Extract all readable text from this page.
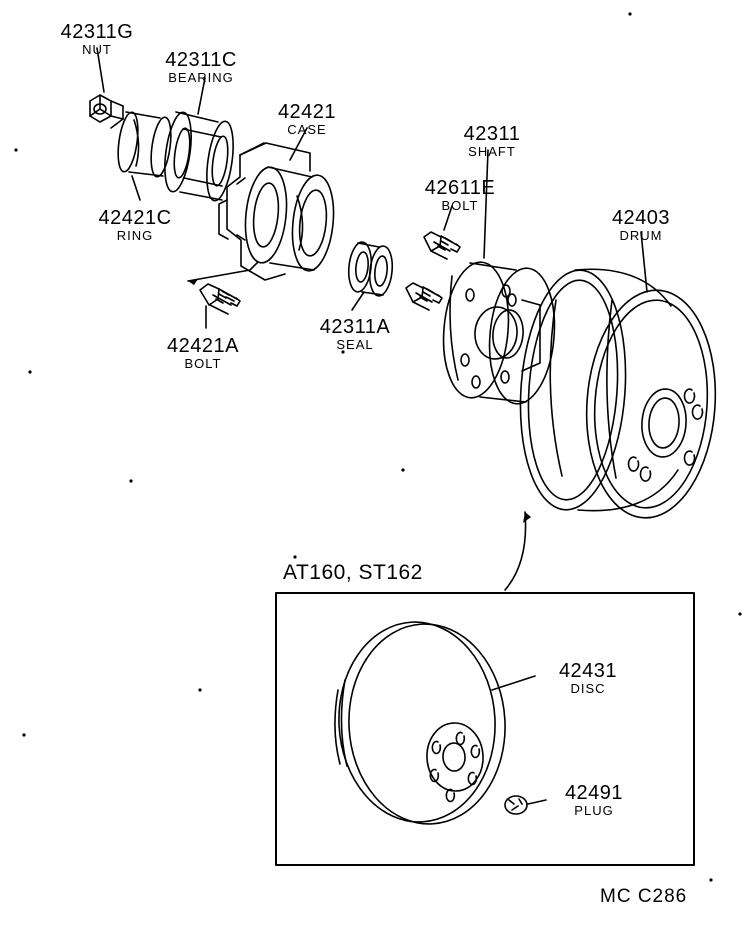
42311G
NUT	42311C
BEARING
42421
CASE
42421C
RING
42421A
BOLT
42311A
SEAL
42611E
BOLT
42311
SHAFT
42403
DRUM
42431
DISC
42491
PLUG
AT160, ST162
MC C286
